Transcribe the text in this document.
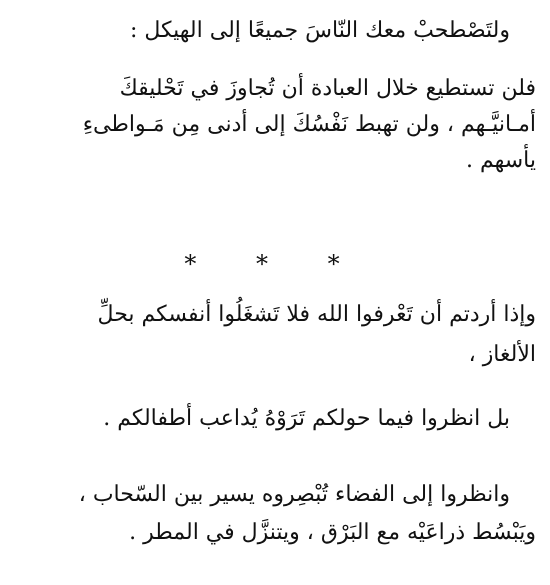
ولتَصْطحبْ معك النّاسَ جميعًا إلى الهيكل :
فلن تستطيع خلال العبادة أن تُجاوزَ في تَحْليقكَ
أمـانيَّـهم ، ولن تهبط نَفْسُكَ إلى أدنى مِن مَـواطىءِ
يأسهم .
* * *
وإذا أردتم أن تَعْرفوا الله فلا تَشغَلُوا أنفسكم بحلِّ
الألغاز ،
بل انظروا فيما حولكم تَرَوْهُ يُداعب أطفالكم .
وانظروا إلى الفضاء تُبْصِروه يسير بين السّحاب ،
ويَبْسُط ذراعَيْه مع البَرْق ، ويتنزَّل في المطر .
